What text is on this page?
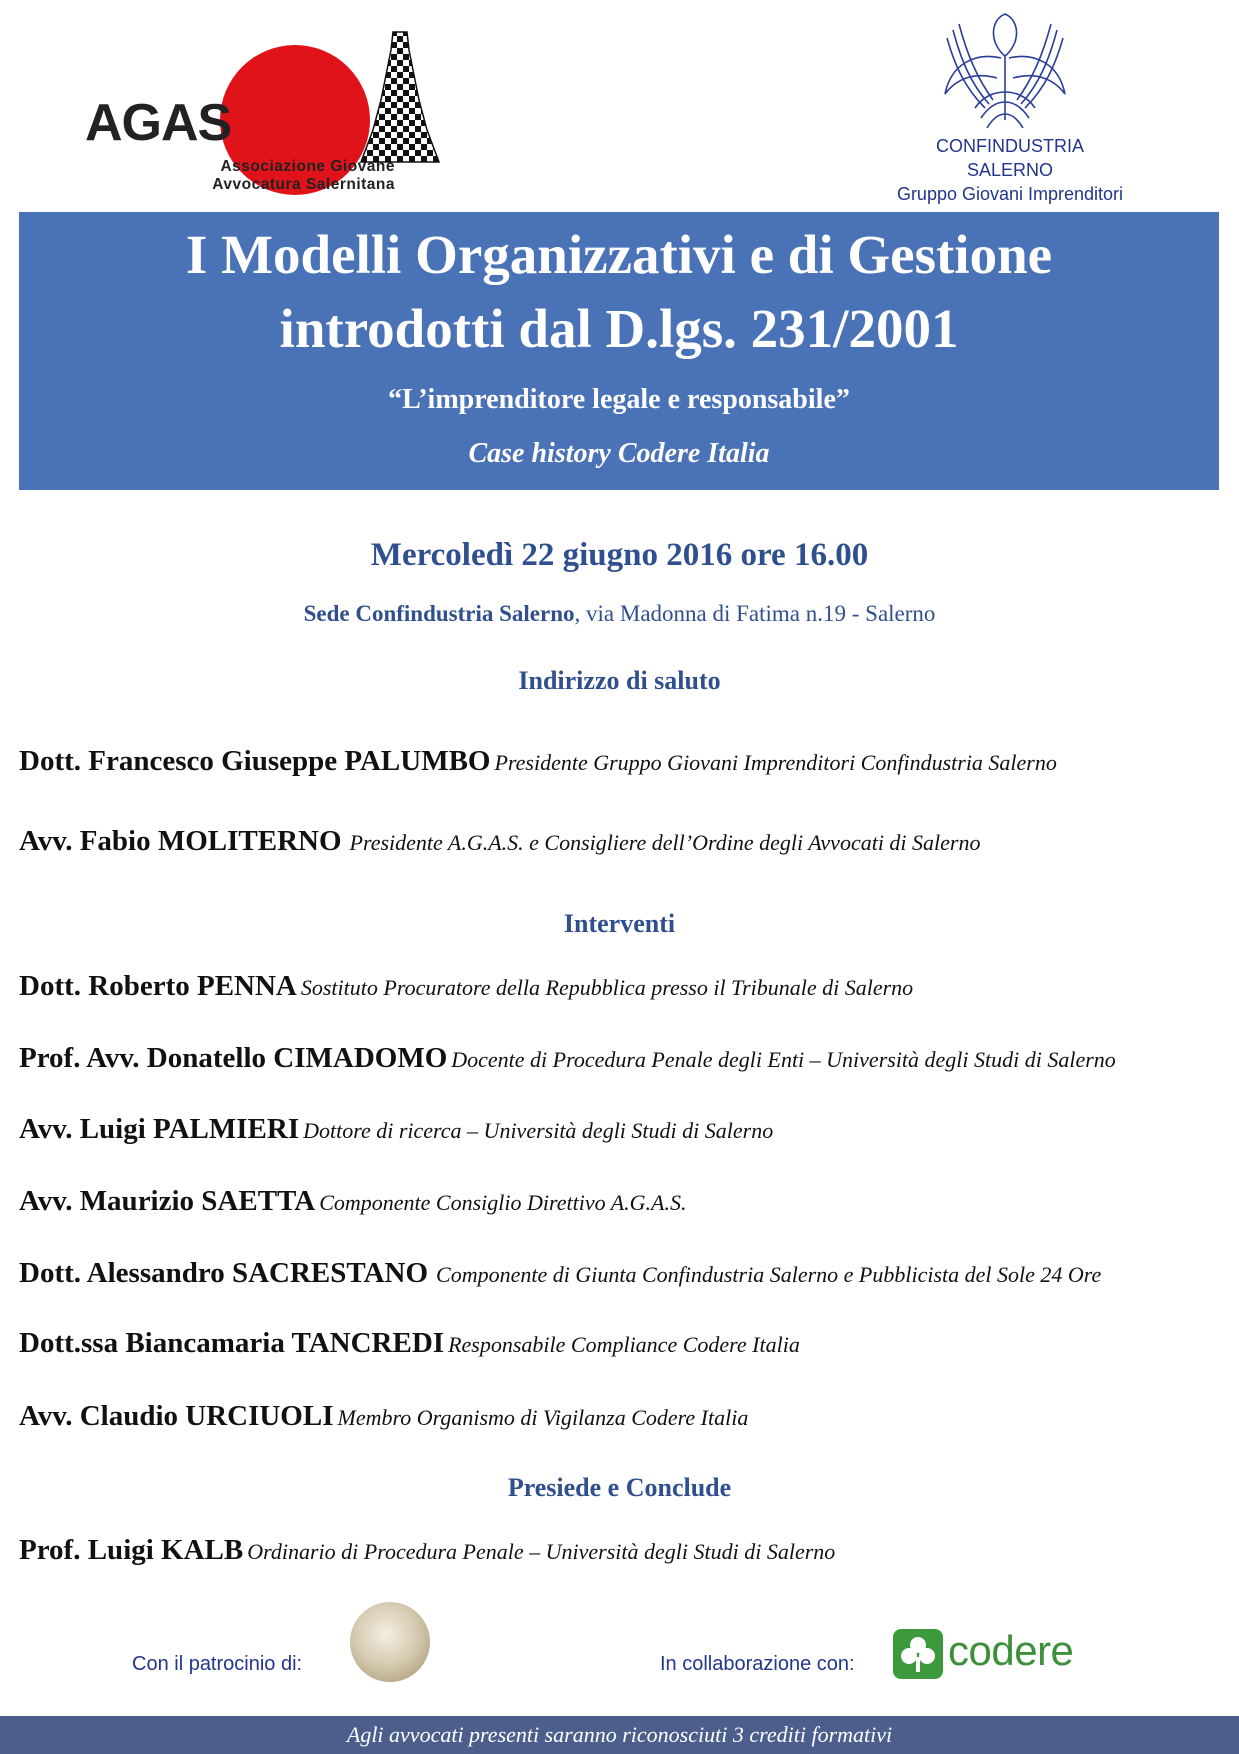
AGAS
Associazione Giovane
Avvocatura Salernitana
CONFINDUSTRIA
SALERNO
Gruppo Giovani Imprenditori
I Modelli Organizzativi e di Gestione
introdotti dal D.lgs. 231/2001
“L’imprenditore legale e responsabile”
Case history Codere Italia
Mercoledì 22 giugno 2016 ore 16.00
Sede Confindustria Salerno, via Madonna di Fatima n.19 - Salerno
Indirizzo di saluto
Dott. Francesco Giuseppe PALUMBO Presidente Gruppo Giovani Imprenditori Confindustria Salerno
Avv. Fabio MOLITERNO Presidente A.G.A.S. e Consigliere dell’Ordine degli Avvocati di Salerno
Interventi
Dott. Roberto PENNA Sostituto Procuratore della Repubblica presso il Tribunale di Salerno
Prof. Avv. Donatello CIMADOMO Docente di Procedura Penale degli Enti – Università degli Studi di Salerno
Avv. Luigi PALMIERI Dottore di ricerca – Università degli Studi di Salerno
Avv. Maurizio SAETTA Componente Consiglio Direttivo A.G.A.S.
Dott. Alessandro SACRESTANO Componente di Giunta Confindustria Salerno e Pubblicista del Sole 24 Ore
Dott.ssa Biancamaria TANCREDI Responsabile Compliance Codere Italia
Avv. Claudio URCIUOLI Membro Organismo di Vigilanza Codere Italia
Presiede e Conclude
Prof. Luigi KALB Ordinario di Procedura Penale – Università degli Studi di Salerno
Con il patrocinio di:	In collaborazione con: codere
Agli avvocati presenti saranno riconosciuti 3 crediti formativi
